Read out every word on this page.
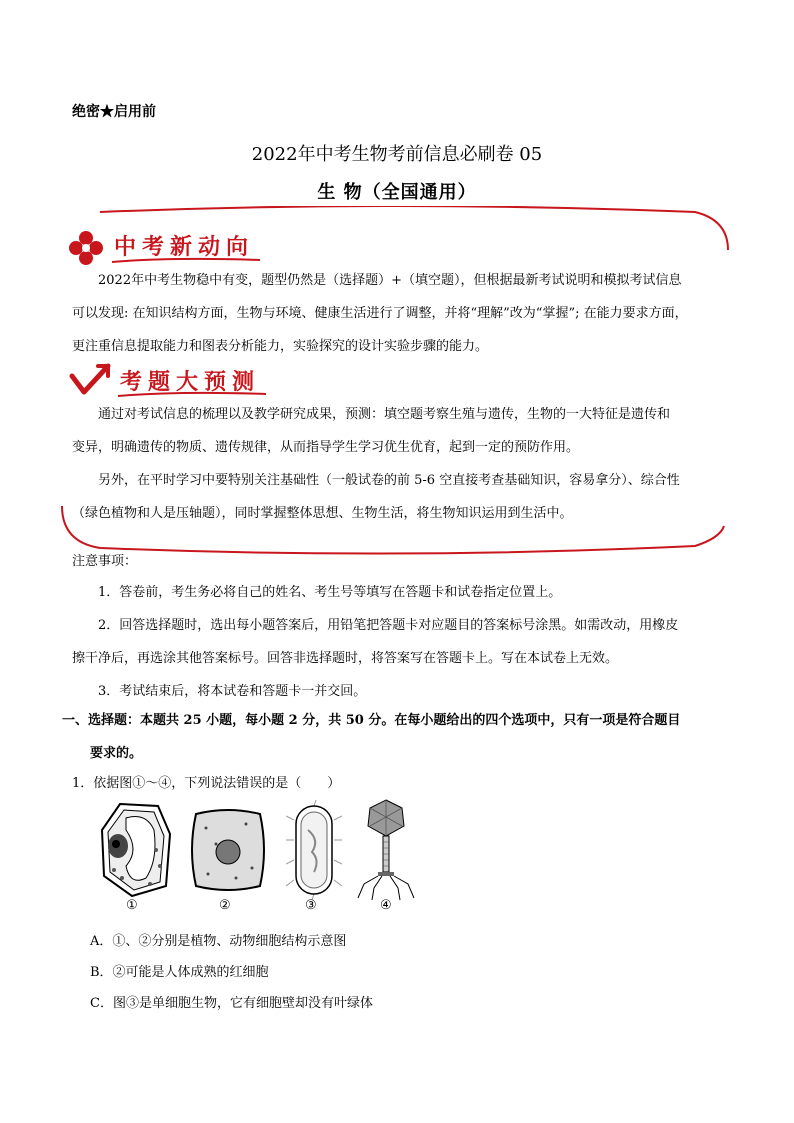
绝密★启用前
2022年中考生物考前信息必刷卷 05
生 物（全国通用）
中考新动向
2022年中考生物稳中有变，题型仍然是（选择题）+（填空题），但根据最新考试说明和模拟考试信息
可以发现: 在知识结构方面，生物与环境、健康生活进行了调整，并将“理解”改为“掌握”; 在能力要求方面，
更注重信息提取能力和图表分析能力，实验探究的设计实验步骤的能力。
考题大预测
通过对考试信息的梳理以及教学研究成果，预测：填空题考察生殖与遗传，生物的一大特征是遗传和
变异，明确遗传的物质、遗传规律，从而指导学生学习优生优育，起到一定的预防作用。
另外，在平时学习中要特别关注基础性（一般试卷的前 5-6 空直接考查基础知识，容易拿分）、综合性
（绿色植物和人是压轴题），同时掌握整体思想、生物生活，将生物知识运用到生活中。
注意事项：
1．答卷前，考生务必将自己的姓名、考生号等填写在答题卡和试卷指定位置上。
2．回答选择题时，选出每小题答案后，用铅笔把答题卡对应题目的答案标号涂黑。如需改动，用橡皮
擦干净后，再选涂其他答案标号。回答非选择题时，将答案写在答题卡上。写在本试卷上无效。
3．考试结束后，将本试卷和答题卡一并交回。
一、选择题：本题共 25 小题，每小题 2 分，共 50 分。在每小题给出的四个选项中，只有一项是符合题目
要求的。
1．依据图①～④，下列说法错误的是（　　）
①	②	③	④
A．①、②分别是植物、动物细胞结构示意图
B．②可能是人体成熟的红细胞
C．图③是单细胞生物，它有细胞壁却没有叶绿体
